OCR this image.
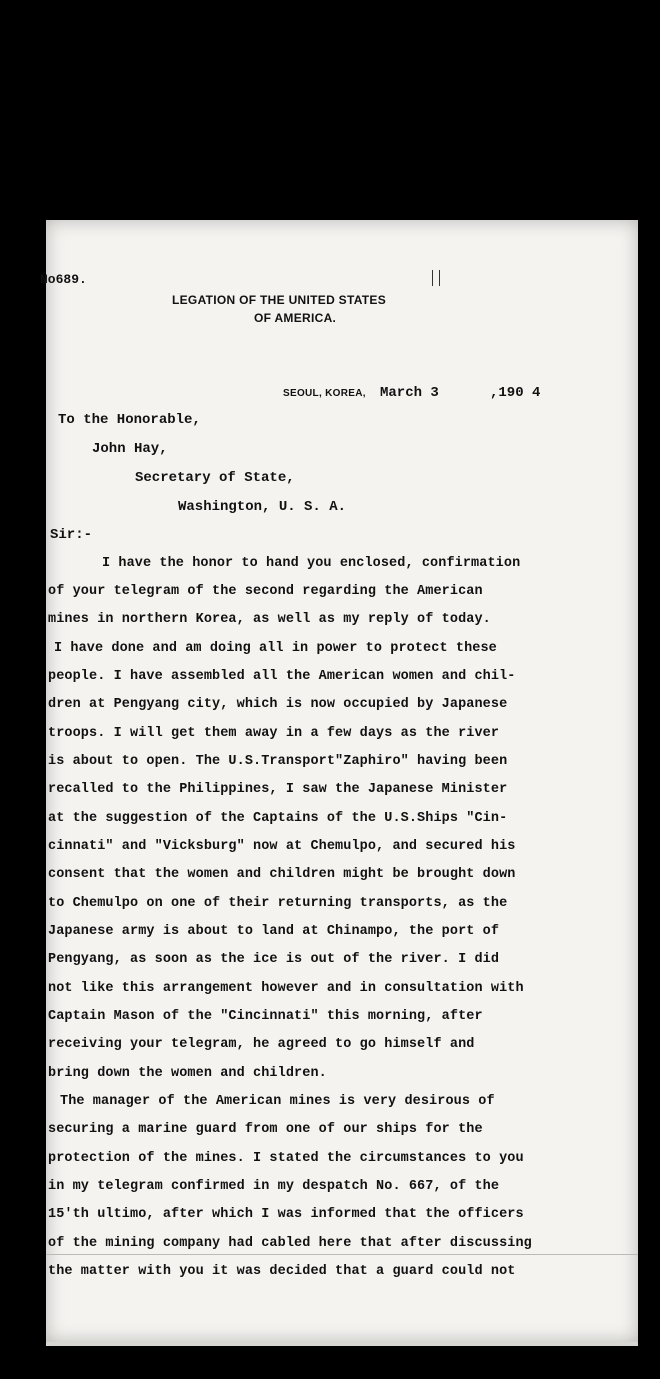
No689.
LEGATION OF THE UNITED STATES
OF AMERICA.
SEOUL, KOREA, March 3	,190 4
To the Honorable,
John Hay,
Secretary of State,
Washington, U. S. A.
Sir:-
I have the honor to hand you enclosed, confirmation
of your telegram of the second regarding the American
mines in northern Korea, as well as my reply of today.
I have done and am doing all in power to protect these
people. I have assembled all the American women and chil-
dren at Pengyang city, which is now occupied by Japanese
troops. I will get them away in a few days as the river
is about to open. The U.S.Transport"Zaphiro" having been
recalled to the Philippines, I saw the Japanese Minister
at the suggestion of the Captains of the U.S.Ships "Cin-
cinnati" and "Vicksburg" now at Chemulpo, and secured his
consent that the women and children might be brought down
to Chemulpo on one of their returning transports, as the
Japanese army is about to land at Chinampo, the port of
Pengyang, as soon as the ice is out of the river. I did
not like this arrangement however and in consultation with
Captain Mason of the "Cincinnati" this morning, after
receiving your telegram, he agreed to go himself and
bring down the women and children.
The manager of the American mines is very desirous of
securing a marine guard from one of our ships for the
protection of the mines. I stated the circumstances to you
in my telegram confirmed in my despatch No. 667, of the
15'th ultimo, after which I was informed that the officers
of the mining company had cabled here that after discussing
the matter with you it was decided that a guard could not
